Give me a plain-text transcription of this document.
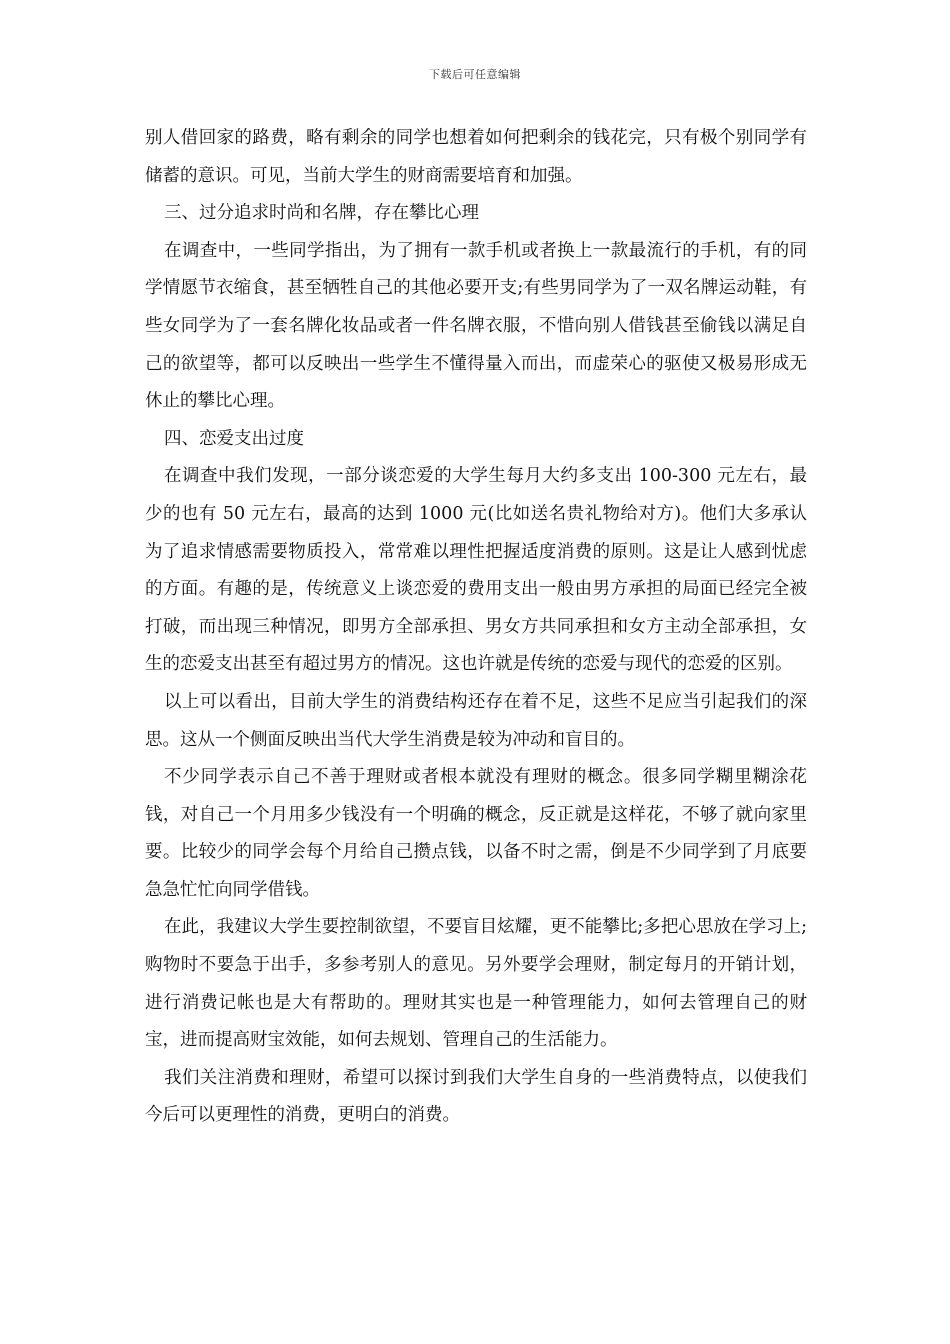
下载后可任意编辑

别人借回家的路费，略有剩余的同学也想着如何把剩余的钱花完，只有极个别同学有储蓄的意识。可见，当前大学生的财商需要培育和加强。

三、过分追求时尚和名牌，存在攀比心理

在调查中，一些同学指出，为了拥有一款手机或者换上一款最流行的手机，有的同学情愿节衣缩食，甚至牺牲自己的其他必要开支;有些男同学为了一双名牌运动鞋，有些女同学为了一套名牌化妆品或者一件名牌衣服，不惜向别人借钱甚至偷钱以满足自己的欲望等，都可以反映出一些学生不懂得量入而出，而虚荣心的驱使又极易形成无休止的攀比心理。

四、恋爱支出过度

在调查中我们发现，一部分谈恋爱的大学生每月大约多支出 100-300 元左右，最少的也有 50 元左右，最高的达到 1000 元(比如送名贵礼物给对方)。他们大多承认为了追求情感需要物质投入，常常难以理性把握适度消费的原则。这是让人感到忧虑的方面。有趣的是，传统意义上谈恋爱的费用支出一般由男方承担的局面已经完全被打破，而出现三种情况，即男方全部承担、男女方共同承担和女方主动全部承担，女生的恋爱支出甚至有超过男方的情况。这也许就是传统的恋爱与现代的恋爱的区别。

以上可以看出，目前大学生的消费结构还存在着不足，这些不足应当引起我们的深思。这从一个侧面反映出当代大学生消费是较为冲动和盲目的。

不少同学表示自己不善于理财或者根本就没有理财的概念。很多同学糊里糊涂花钱，对自己一个月用多少钱没有一个明确的概念，反正就是这样花，不够了就向家里要。比较少的同学会每个月给自己攒点钱，以备不时之需，倒是不少同学到了月底要急急忙忙向同学借钱。

在此，我建议大学生要控制欲望，不要盲目炫耀，更不能攀比;多把心思放在学习上;购物时不要急于出手，多参考别人的意见。另外要学会理财，制定每月的开销计划，进行消费记帐也是大有帮助的。理财其实也是一种管理能力，如何去管理自己的财宝，进而提高财宝效能，如何去规划、管理自己的生活能力。

我们关注消费和理财，希望可以探讨到我们大学生自身的一些消费特点，以使我们今后可以更理性的消费，更明白的消费。
